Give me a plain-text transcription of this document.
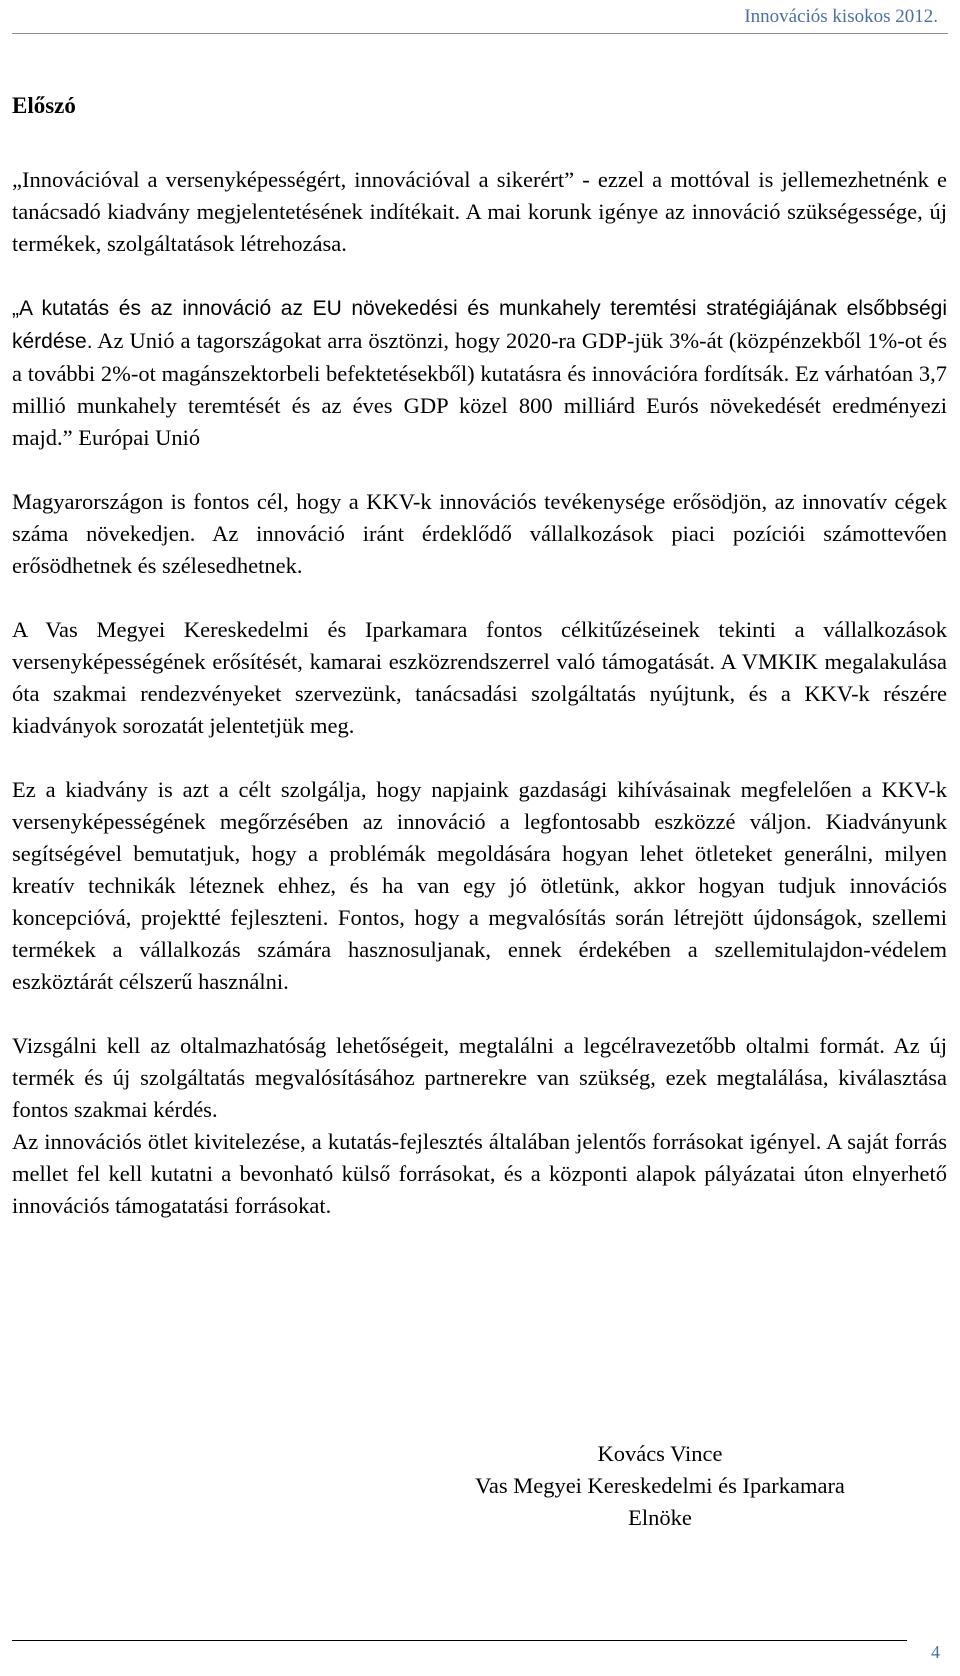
Innovációs kisokos 2012.
Előszó

„Innovációval a versenyképességért, innovációval a sikerért” - ezzel a mottóval is jellemezhetnénk e tanácsadó kiadvány megjelentetésének indítékait. A mai korunk igénye az innováció szükségessége, új termékek, szolgáltatások létrehozása.

„A kutatás és az innováció az EU növekedési és munkahely teremtési stratégiájának elsőbbségi kérdése. Az Unió a tagországokat arra ösztönzi, hogy 2020-ra GDP-jük 3%-át (közpénzekből 1%-ot és a további 2%-ot magánszektorbeli befektetésekből) kutatásra és innovációra fordítsák. Ez várhatóan 3,7 millió munkahely teremtését és az éves GDP közel 800 milliárd Eurós növekedését eredményezi majd.” Európai Unió

Magyarországon is fontos cél, hogy a KKV-k innovációs tevékenysége erősödjön, az innovatív cégek száma növekedjen. Az innováció iránt érdeklődő vállalkozások piaci pozíciói számottevően erősödhetnek és szélesedhetnek.

A Vas Megyei Kereskedelmi és Iparkamara fontos célkitűzéseinek tekinti a vállalkozások versenyképességének erősítését, kamarai eszközrendszerrel való támogatását. A VMKIK megalakulása óta szakmai rendezvényeket szervezünk, tanácsadási szolgáltatás nyújtunk, és a KKV-k részére kiadványok sorozatát jelentetjük meg.

Ez a kiadvány is azt a célt szolgálja, hogy napjaink gazdasági kihívásainak megfelelően a KKV-k versenyképességének megőrzésében az innováció a legfontosabb eszközzé váljon. Kiadványunk segítségével bemutatjuk, hogy a problémák megoldására hogyan lehet ötleteket generálni, milyen kreatív technikák léteznek ehhez, és ha van egy jó ötletünk, akkor hogyan tudjuk innovációs koncepcióvá, projektté fejleszteni. Fontos, hogy a megvalósítás során létrejött újdonságok, szellemi termékek a vállalkozás számára hasznosuljanak, ennek érdekében a szellemitulajdon-védelem eszköztárát célszerű használni.

Vizsgálni kell az oltalmazhatóság lehetőségeit, megtalálni a legcélravezetőbb oltalmi formát. Az új termék és új szolgáltatás megvalósításához partnerekre van szükség, ezek megtalálása, kiválasztása fontos szakmai kérdés.

Az innovációs ötlet kivitelezése, a kutatás-fejlesztés általában jelentős forrásokat igényel. A saját forrás mellet fel kell kutatni a bevonható külső forrásokat, és a központi alapok pályázatai úton elnyerhető innovációs támogatatási forrásokat.

Kovács Vince
Vas Megyei Kereskedelmi és Iparkamara
Elnöke
4
